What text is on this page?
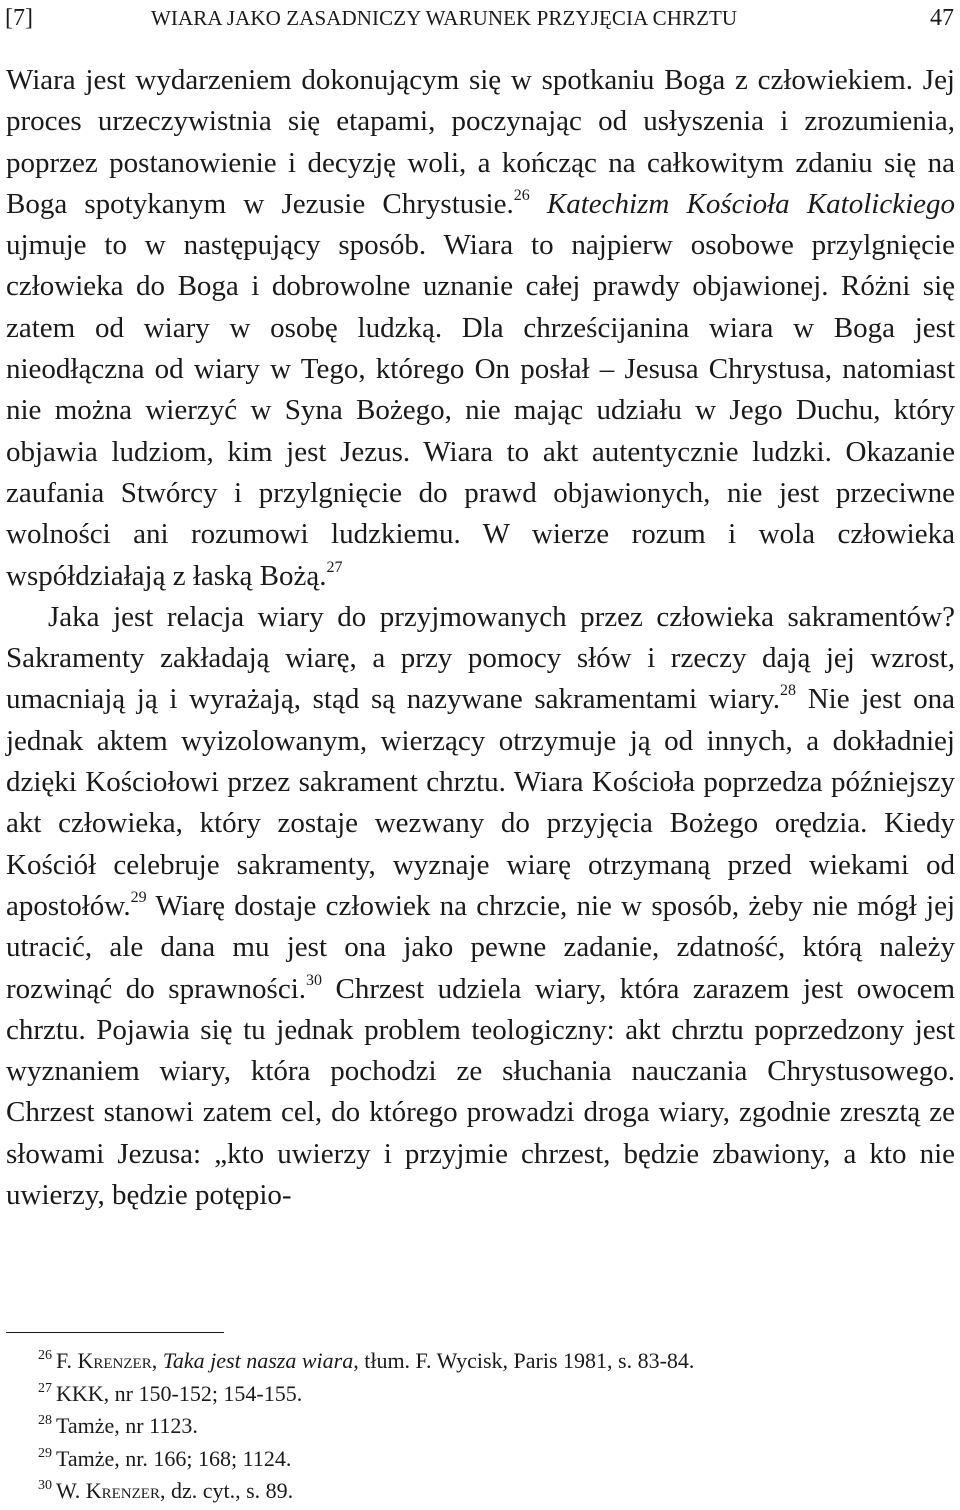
[7]	WIARA JAKO ZASADNICZY WARUNEK PRZYJĘCIA CHRZTU	47

Wiara jest wydarzeniem dokonującym się w spotkaniu Boga z człowiekiem. Jej proces urzeczywistnia się etapami, poczynając od usłyszenia i zrozumienia, poprzez postanowienie i decyzję woli, a kończąc na całkowitym zdaniu się na Boga spotykanym w Jezusie Chrystusie.$^{26}$ Katechizm Kościoła Katolickiego ujmuje to w następujący sposób. Wiara to najpierw osobowe przylgnięcie człowieka do Boga i dobrowolne uznanie całej prawdy objawionej. Różni się zatem od wiary w osobę ludzką. Dla chrześcijanina wiara w Boga jest nieodłączna od wiary w Tego, którego On posłał – Jesusa Chrystusa, natomiast nie można wierzyć w Syna Bożego, nie mając udziału w Jego Duchu, który objawia ludziom, kim jest Jezus. Wiara to akt autentycznie ludzki. Okazanie zaufania Stwórcy i przylgnięcie do prawd objawionych, nie jest przeciwne wolności ani rozumowi ludzkiemu. W wierze rozum i wola człowieka współdziałają z łaską Bożą.$^{27}$

Jaka jest relacja wiary do przyjmowanych przez człowieka sakramentów? Sakramenty zakładają wiarę, a przy pomocy słów i rzeczy dają jej wzrost, umacniają ją i wyrażają, stąd są nazywane sakramentami wiary.$^{28}$ Nie jest ona jednak aktem wyizolowanym, wierzący otrzymuje ją od innych, a dokładniej dzięki Kościołowi przez sakrament chrztu. Wiara Kościoła poprzedza późniejszy akt człowieka, który zostaje wezwany do przyjęcia Bożego orędzia. Kiedy Kościół celebruje sakramenty, wyznaje wiarę otrzymaną przed wiekami od apostołów.$^{29}$ Wiarę dostaje człowiek na chrzcie, nie w sposób, żeby nie mógł jej utracić, ale dana mu jest ona jako pewne zadanie, zdatność, którą należy rozwinąć do sprawności.$^{30}$ Chrzest udziela wiary, która zarazem jest owocem chrztu. Pojawia się tu jednak problem teologiczny: akt chrztu poprzedzony jest wyznaniem wiary, która pochodzi ze słuchania nauczania Chrystusowego. Chrzest stanowi zatem cel, do którego prowadzi droga wiary, zgodnie zresztą ze słowami Jezusa: „kto uwierzy i przyjmie chrzest, będzie zbawiony, a kto nie uwierzy, będzie potępio-

$^{26}$ F. Krenzer, Taka jest nasza wiara, tłum. F. Wycisk, Paris 1981, s. 83-84.
$^{27}$ KKK, nr 150-152; 154-155.
$^{28}$ Tamże, nr 1123.
$^{29}$ Tamże, nr. 166; 168; 1124.
$^{30}$ W. Krenzer, dz. cyt., s. 89.
